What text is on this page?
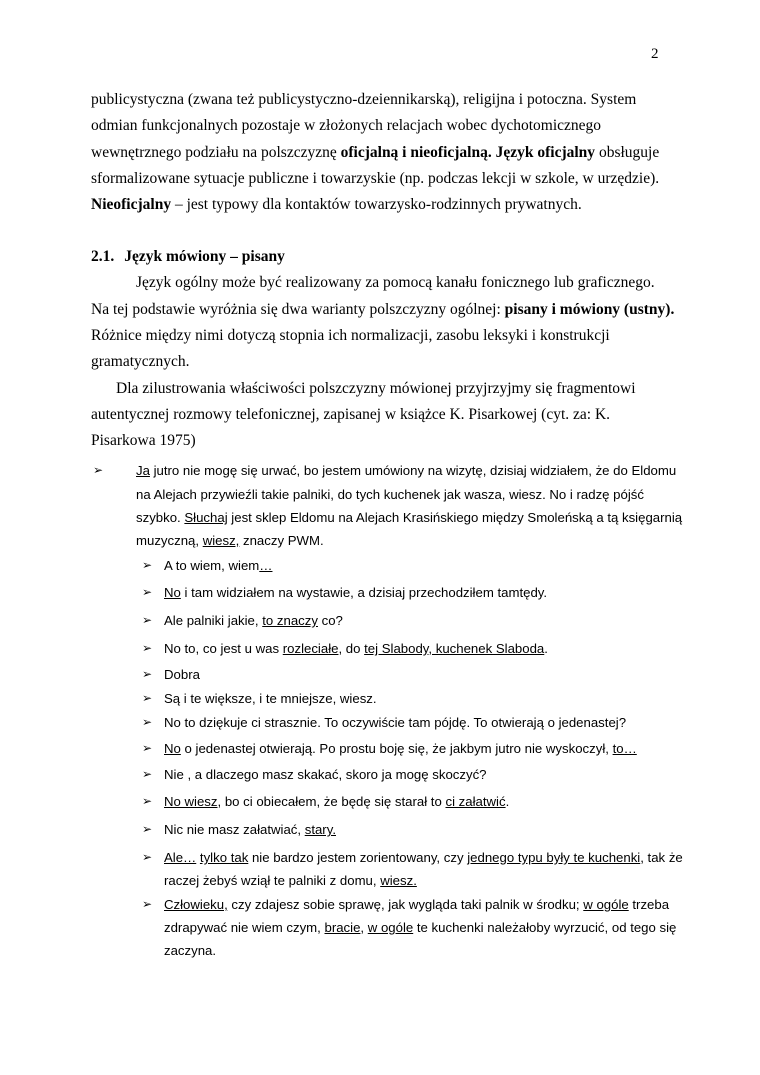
2
publicystyczna (zwana też publicystyczno-dzeiennikarską), religijna i potoczna. System
odmian funkcjonalnych pozostaje w złożonych relacjach wobec dychotomicznego
wewnętrznego podziału na polszczyznę oficjalną i nieoficjalną. Język oficjalny obsługuje
sformalizowane sytuacje publiczne i towarzyskie (np. podczas lekcji w szkole, w urzędzie).
Nieoficjalny – jest typowy dla kontaktów towarzysko-rodzinnych prywatnych.
2.1. Język mówiony – pisany
Język ogólny może być realizowany za pomocą kanału fonicznego lub graficznego.
Na tej podstawie wyróżnia się dwa warianty polszczyzny ogólnej: pisany i mówiony (ustny).
Różnice między nimi dotyczą stopnia ich normalizacji, zasobu leksyki i konstrukcji
gramatycznych.
Dla zilustrowania właściwości polszczyzny mówionej przyjrzyjmy się fragmentowi
autentycznej rozmowy telefonicznej, zapisanej w książce K. Pisarkowej (cyt. za: K.
Pisarkowa 1975)
➢ Ja jutro nie mogę się urwać, bo jestem umówiony na wizytę, dzisiaj widziałem, że do Eldomu
na Alejach przywieźli takie palniki, do tych kuchenek jak wasza, wiesz. No i radzę pójść
szybko. Słuchaj jest sklep Eldomu na Alejach Krasińskiego między Smoleńską a tą księgarnią
muzyczną, wiesz, znaczy PWM.
➢ A to wiem, wiem…
➢ No i tam widziałem na wystawie, a dzisiaj przechodziłem tamtędy.
➢ Ale palniki jakie, to znaczy co?
➢ No to, co jest u was rozleciałe, do tej Slabody, kuchenek Slaboda.
➢ Dobra
➢ Są i te większe, i te mniejsze, wiesz.
➢ No to dziękuje ci strasznie. To oczywiście tam pójdę. To otwierają o jedenastej?
➢ No o jedenastej otwierają. Po prostu boję się, że jakbym jutro nie wyskoczył, to…
➢ Nie , a dlaczego masz skakać, skoro ja mogę skoczyć?
➢ No wiesz, bo ci obiecałem, że będę się starał to ci załatwić.
➢ Nic nie masz załatwiać, stary.
➢ Ale… tylko tak nie bardzo jestem zorientowany, czy jednego typu były te kuchenki, tak że
raczej żebyś wziął te palniki z domu, wiesz.
➢ Człowieku, czy zdajesz sobie sprawę, jak wygląda taki palnik w środku; w ogóle trzeba
zdrapywać nie wiem czym, bracie, w ogóle te kuchenki należałoby wyrzucić, od tego się
zaczyna.
